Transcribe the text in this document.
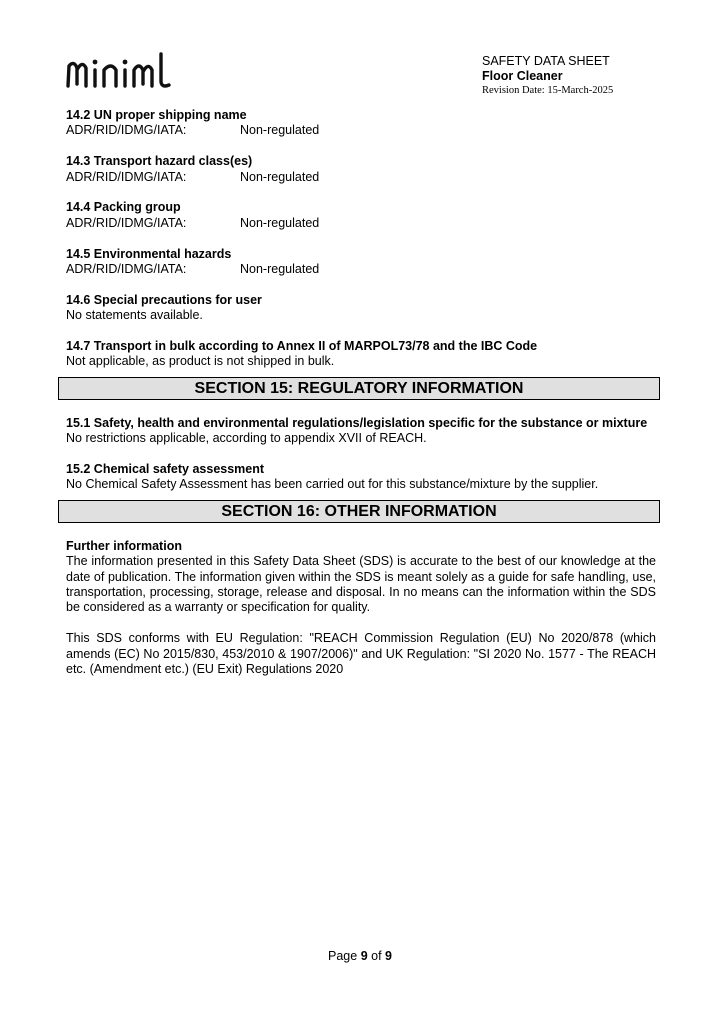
SAFETY DATA SHEET
Floor Cleaner
Revision Date: 15-March-2025
14.2 UN proper shipping name
ADR/RID/IDMG/IATA:	Non-regulated
14.3 Transport hazard class(es)
ADR/RID/IDMG/IATA:	Non-regulated
14.4 Packing group
ADR/RID/IDMG/IATA:	Non-regulated
14.5 Environmental hazards
ADR/RID/IDMG/IATA:	Non-regulated
14.6 Special precautions for user
No statements available.
14.7 Transport in bulk according to Annex II of MARPOL73/78 and the IBC Code
Not applicable, as product is not shipped in bulk.
SECTION 15: REGULATORY INFORMATION
15.1 Safety, health and environmental regulations/legislation specific for the substance or mixture
No restrictions applicable, according to appendix XVII of REACH.
15.2 Chemical safety assessment
No Chemical Safety Assessment has been carried out for this substance/mixture by the supplier.
SECTION 16: OTHER INFORMATION
Further information
The information presented in this Safety Data Sheet (SDS) is accurate to the best of our knowledge at the date of publication. The information given within the SDS is meant solely as a guide for safe handling, use, transportation, processing, storage, release and disposal. In no means can the information within the SDS be considered as a warranty or specification for quality.
This SDS conforms with EU Regulation: "REACH Commission Regulation (EU) No 2020/878 (which amends (EC) No 2015/830, 453/2010 & 1907/2006)" and UK Regulation: "SI 2020 No. 1577 - The REACH etc. (Amendment etc.) (EU Exit) Regulations 2020
Page 9 of 9
